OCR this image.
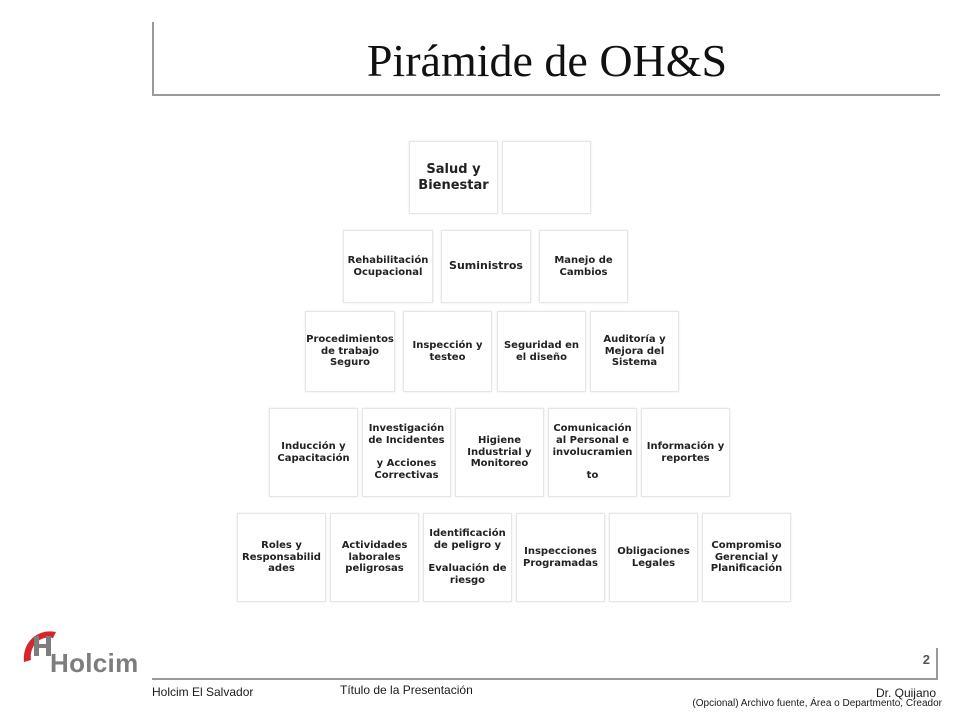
Pirámide de OH&S
Salud y
Bienestar
Rehabilitación
Ocupacional	Suministros	Manejo de
Cambios
Procedimientos
de trabajo
Seguro
Inspección y
testeo
Seguridad en
el diseño
Auditoría y
Mejora del
Sistema
Inducción y
Capacitación
Investigación
de Incidentes

y Acciones
Correctivas
Higiene
Industrial y
Monitoreo
Comunicación
al Personal e
involucramien

to
Información y
reportes
Roles y
Responsabilid
ades
Actividades
laborales
peligrosas
Identificación
de peligro y

Evaluación de
riesgo
Inspecciones
Programadas
Obligaciones
Legales
Compromiso
Gerencial y
Planificación
Holcim	2
Holcim El Salvador	Título de la Presentación	Dr. Quijano
(Opcional) Archivo fuente, Área o Departmento, Creador
